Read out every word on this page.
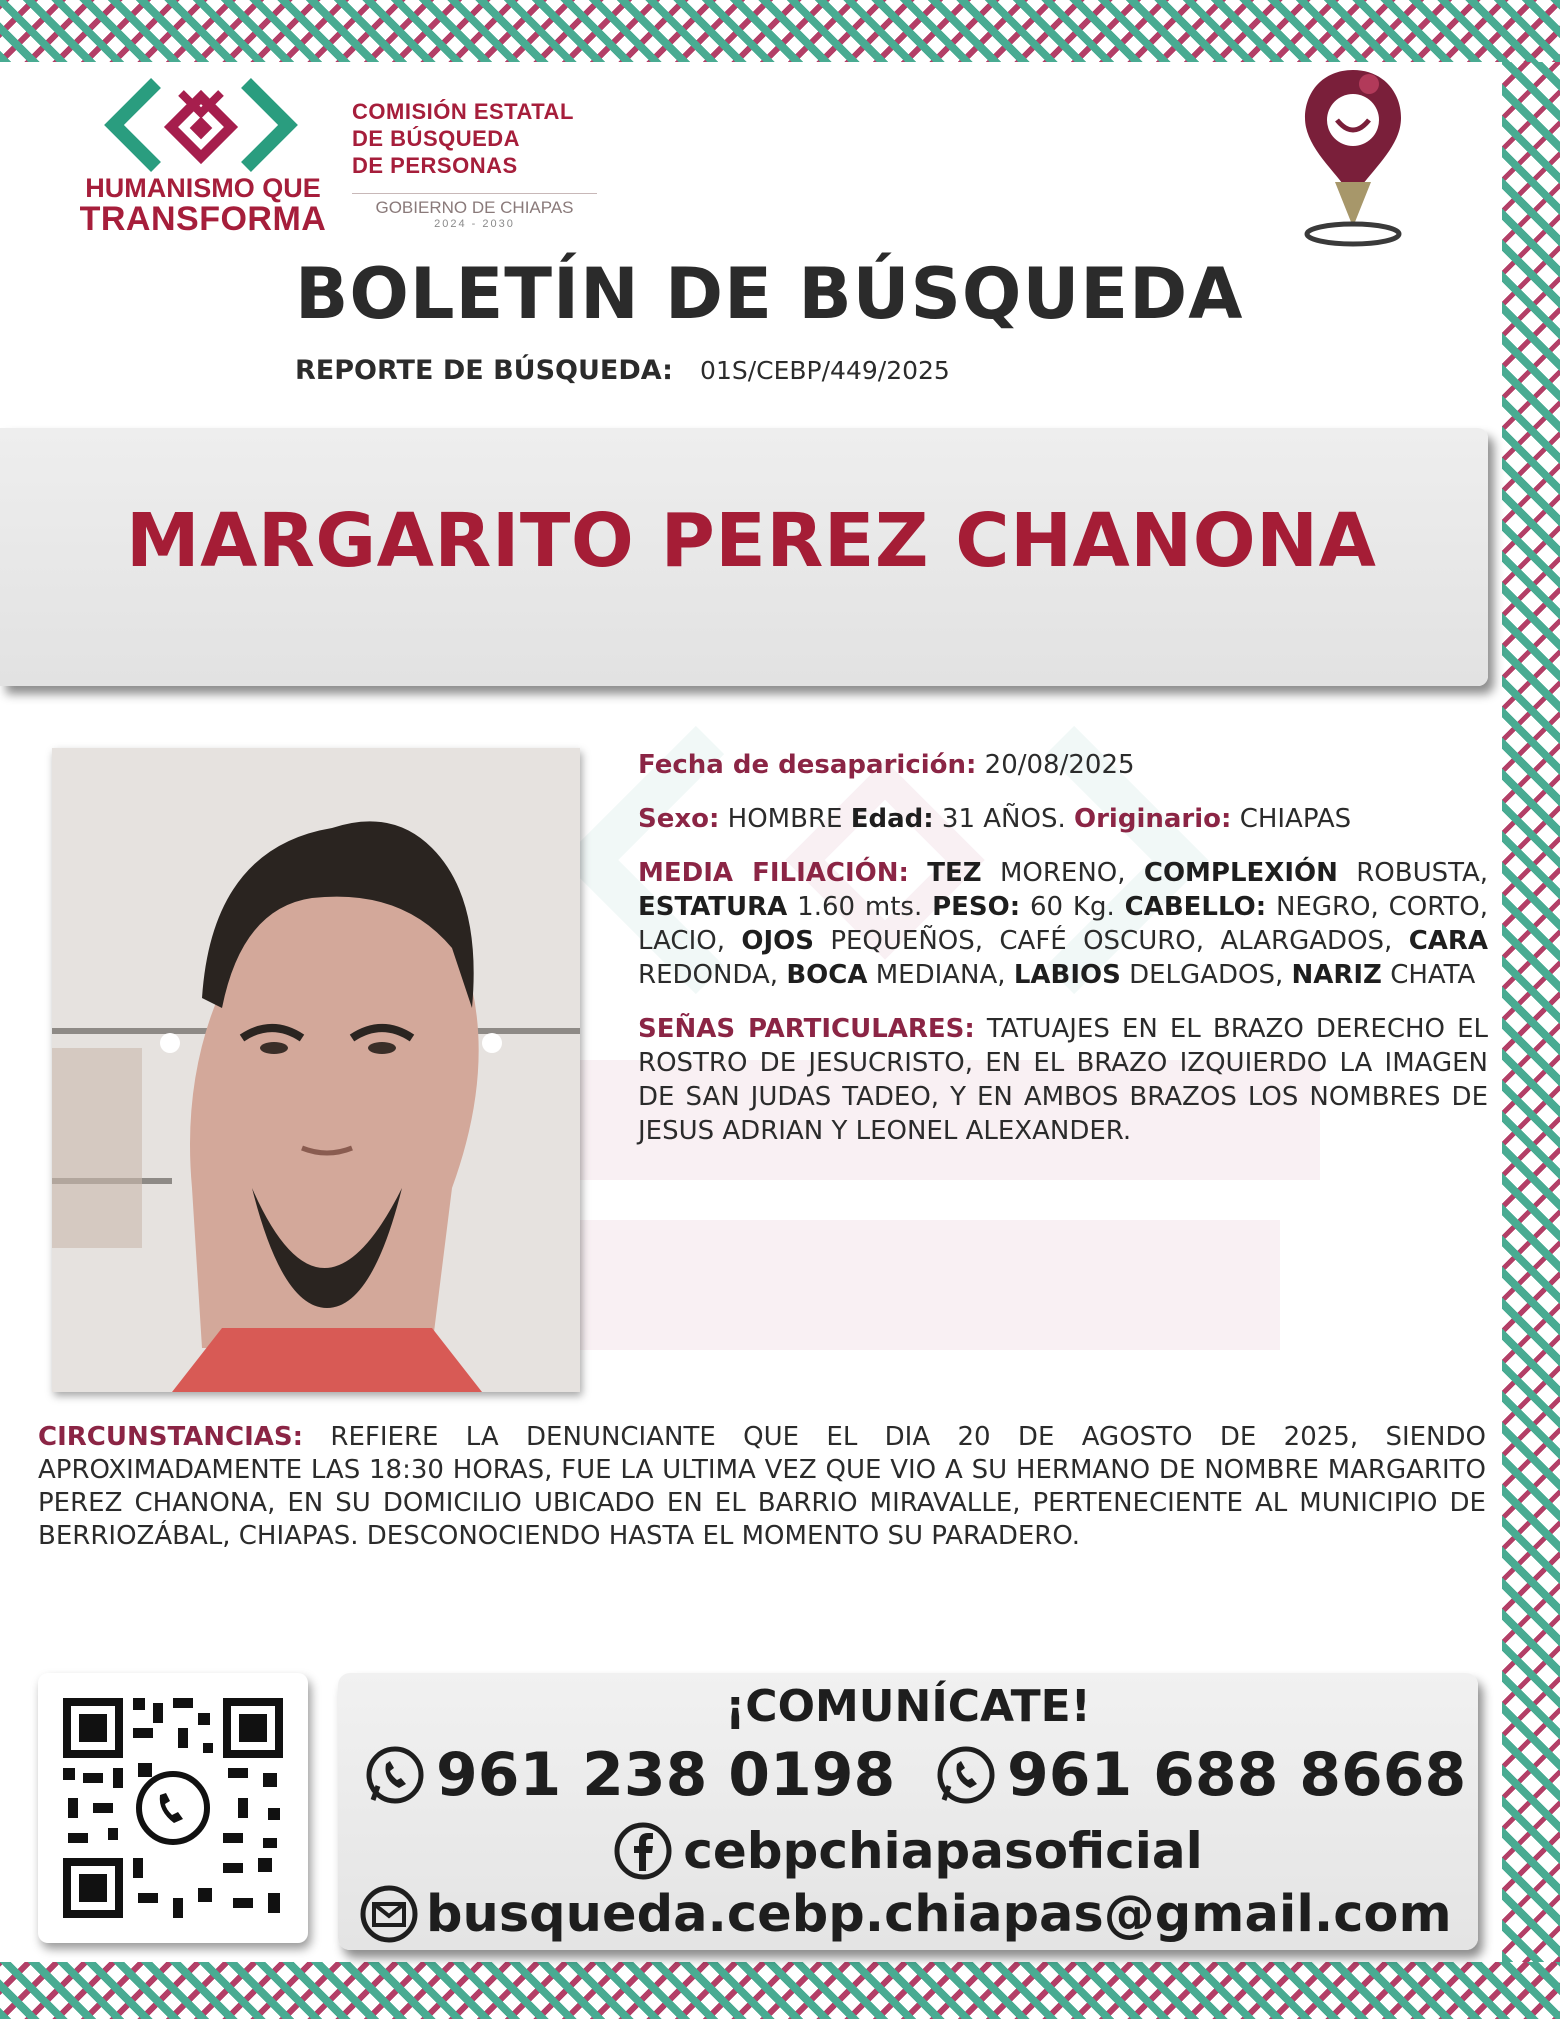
HUMANISMO QUE
TRANSFORMA
COMISIÓN ESTATAL
DE BÚSQUEDA
DE PERSONAS
GOBIERNO DE CHIAPAS
2024 - 2030
BOLETÍN DE BÚSQUEDA
REPORTE DE BÚSQUEDA: 01S/CEBP/449/2025
MARGARITO PEREZ CHANONA

Fecha de desaparición: 20/08/2025

Sexo: HOMBRE Edad: 31 AÑOS. Originario: CHIAPAS

MEDIA FILIACIÓN: TEZ MORENO, COMPLEXIÓN ROBUSTA, ESTATURA 1.60 mts. PESO: 60 Kg. CABELLO: NEGRO, CORTO, LACIO, OJOS PEQUEÑOS, CAFÉ OSCURO, ALARGADOS, CARA REDONDA, BOCA MEDIANA, LABIOS DELGADOS, NARIZ CHATA

SEÑAS PARTICULARES: TATUAJES EN EL BRAZO DERECHO EL ROSTRO DE JESUCRISTO, EN EL BRAZO IZQUIERDO LA IMAGEN DE SAN JUDAS TADEO, Y EN AMBOS BRAZOS LOS NOMBRES DE JESUS ADRIAN Y LEONEL ALEXANDER.

CIRCUNSTANCIAS: REFIERE LA DENUNCIANTE QUE EL DIA 20 DE AGOSTO DE 2025, SIENDO APROXIMADAMENTE LAS 18:30 HORAS, FUE LA ULTIMA VEZ QUE VIO A SU HERMANO DE NOMBRE MARGARITO PEREZ CHANONA, EN SU DOMICILIO UBICADO EN EL BARRIO MIRAVALLE, PERTENECIENTE AL MUNICIPIO DE BERRIOZÁBAL, CHIAPAS. DESCONOCIENDO HASTA EL MOMENTO SU PARADERO.
¡COMUNÍCATE!
961 238 0198 961 688 8668
cebpchiapasoficial
busqueda.cebp.chiapas@gmail.com
